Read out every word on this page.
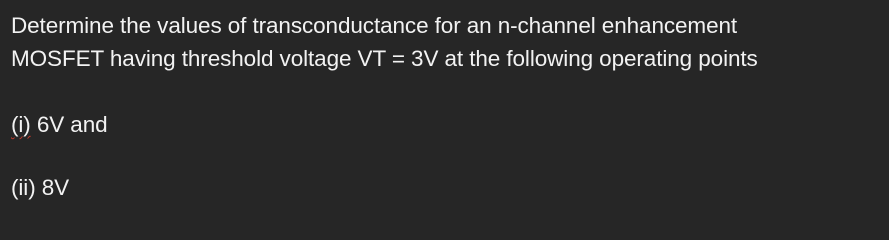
Determine the values of transconductance for an n-channel enhancement
MOSFET having threshold voltage VT = 3V at the following operating points
(i) 6V and
(ii) 8V
